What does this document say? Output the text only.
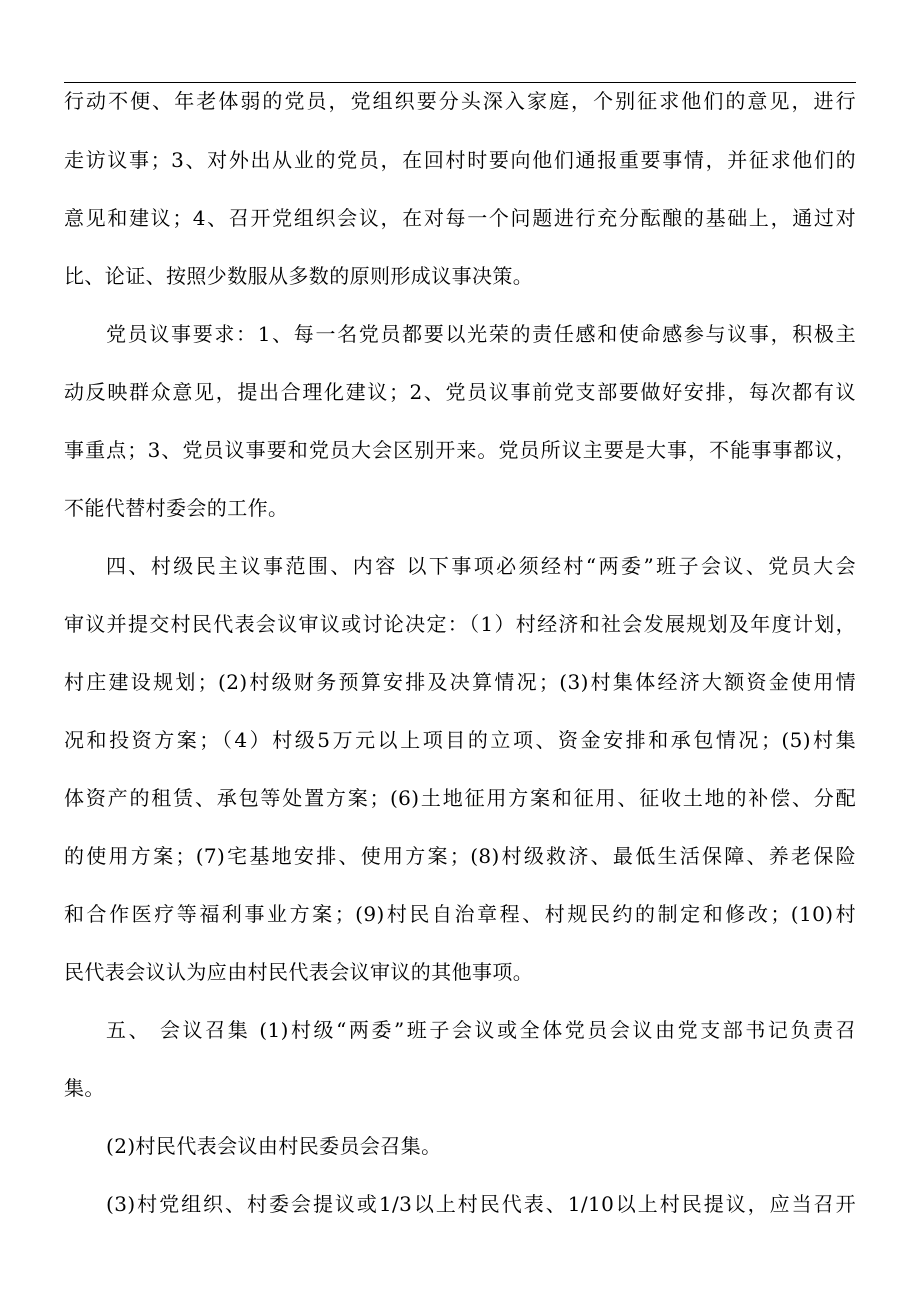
行动不便、年老体弱的党员，党组织要分头深入家庭，个别征求他们的意见，进行
走访议事；3、对外出从业的党员，在回村时要向他们通报重要事情，并征求他们的
意见和建议；4、召开党组织会议，在对每一个问题进行充分酝酿的基础上，通过对
比、论证、按照少数服从多数的原则形成议事决策。
党员议事要求：1、每一名党员都要以光荣的责任感和使命感参与议事，积极主
动反映群众意见，提出合理化建议；2、党员议事前党支部要做好安排，每次都有议
事重点；3、党员议事要和党员大会区别开来。党员所议主要是大事，不能事事都议，
不能代替村委会的工作。
四、村级民主议事范围、内容 以下事项必须经村“两委”班子会议、党员大会
审议并提交村民代表会议审议或讨论决定：（1）村经济和社会发展规划及年度计划，
村庄建设规划；(2)村级财务预算安排及决算情况；(3)村集体经济大额资金使用情
况和投资方案；（4）村级5万元以上项目的立项、资金安排和承包情况；(5)村集
体资产的租赁、承包等处置方案；(6)土地征用方案和征用、征收土地的补偿、分配
的使用方案；(7)宅基地安排、使用方案；(8)村级救济、最低生活保障、养老保险
和合作医疗等福利事业方案；(9)村民自治章程、村规民约的制定和修改；(10)村
民代表会议认为应由村民代表会议审议的其他事项。
五、 会议召集 (1)村级“两委”班子会议或全体党员会议由党支部书记负责召
集。
(2)村民代表会议由村民委员会召集。
(3)村党组织、村委会提议或1/3以上村民代表、1/10以上村民提议，应当召开
